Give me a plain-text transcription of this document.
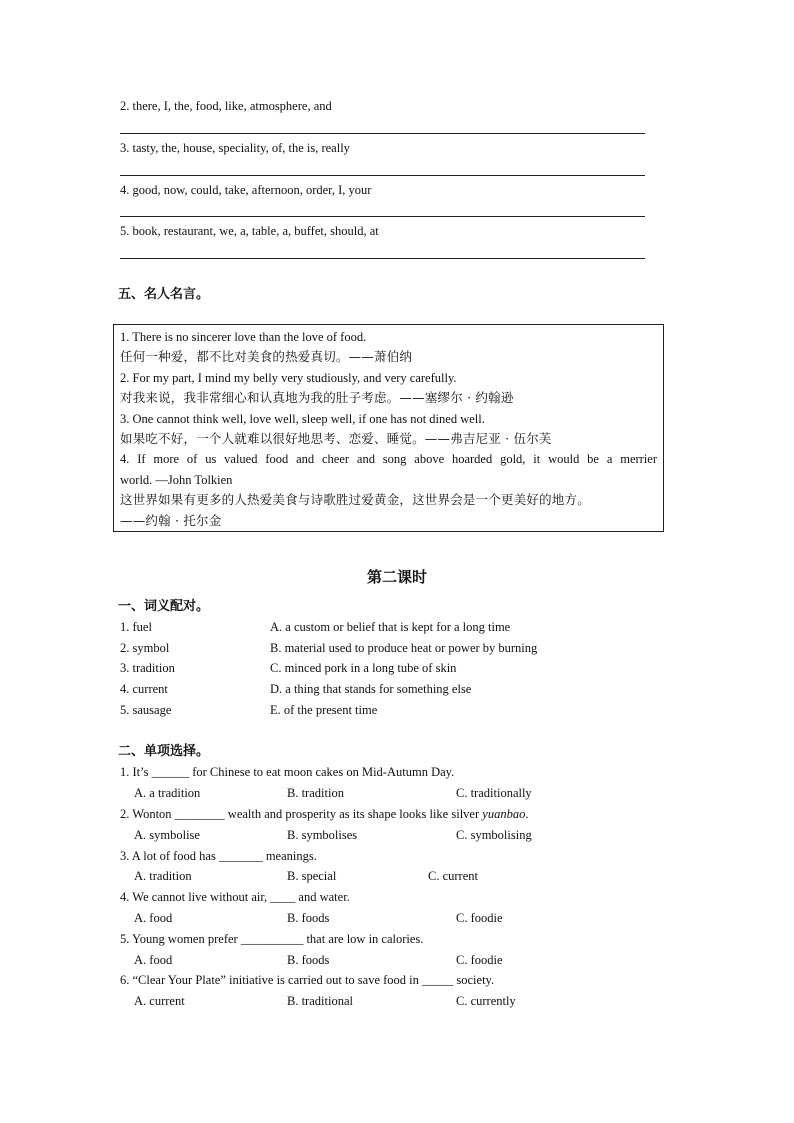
2. there, I, the, food, like, atmosphere, and
3. tasty, the, house, speciality, of, the is, really
4. good, now, could, take, afternoon, order, I, your
5. book, restaurant, we, a, table, a, buffet, should, at
五、名人名言。
1. There is no sincerer love than the love of food.
任何一种爱，都不比对美食的热爱真切。——萧伯纳
2. For my part, I mind my belly very studiously, and very carefully.
对我来说，我非常细心和认真地为我的肚子考虑。——塞缪尔 · 约翰逊
3. One cannot think well, love well, sleep well, if one has not dined well.
如果吃不好，一个人就难以很好地思考、恋爱、睡觉。——弗吉尼亚 · 伍尔芙
4. If more of us valued food and cheer and song above hoarded gold, it would be a merrier
world. —John Tolkien
这世界如果有更多的人热爱美食与诗歌胜过爱黄金，这世界会是一个更美好的地方。
——约翰 · 托尔金
第二课时
一、词义配对。
1. fuel	A. a custom or belief that is kept for a long time
2. symbol	B. material used to produce heat or power by burning
3. tradition	C. minced pork in a long tube of skin
4. current	D. a thing that stands for something else
5. sausage	E. of the present time
二、单项选择。
1. It’s ______ for Chinese to eat moon cakes on Mid-Autumn Day.
A. a tradition	B. tradition	C. traditionally
2. Wonton ________ wealth and prosperity as its shape looks like silver yuanbao.
A. symbolise	B. symbolises	C. symbolising
3. A lot of food has _______ meanings.
A. tradition	B. special	C. current
4. We cannot live without air, ____ and water.
A. food	B. foods	C. foodie
5. Young women prefer __________ that are low in calories.
A. food	B. foods	C. foodie
6. “Clear Your Plate” initiative is carried out to save food in _____ society.
A. current	B. traditional	C. currently
